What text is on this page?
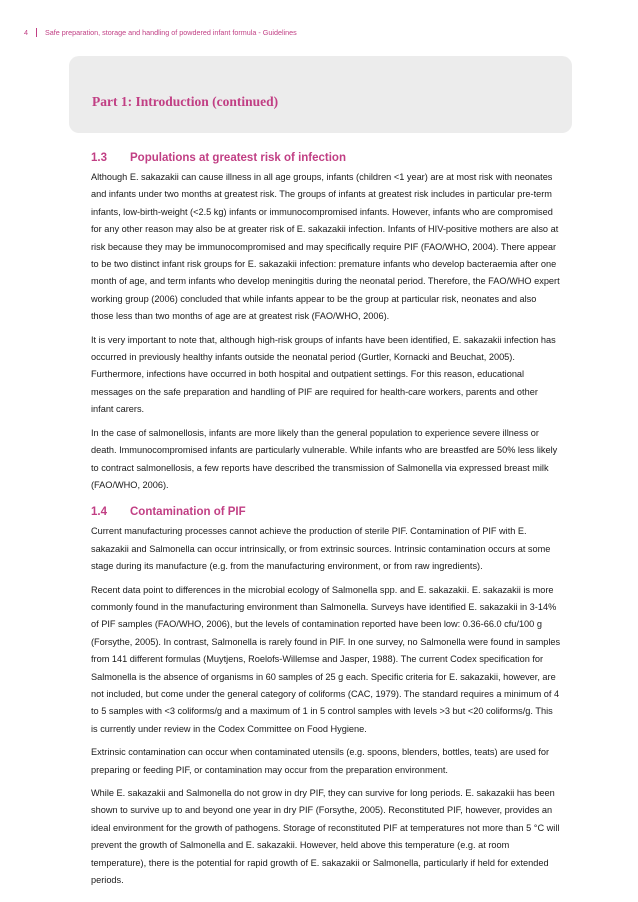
4	Safe preparation, storage and handling of powdered infant formula - Guidelines
Part 1: Introduction (continued)
1.3	Populations at greatest risk of infection

Although E. sakazakii can cause illness in all age groups, infants (children <1 year) are at most risk with neonates and infants under two months at greatest risk. The groups of infants at greatest risk includes in particular pre-term infants, low-birth-weight (<2.5 kg) infants or immunocompromised infants. However, infants who are compromised for any other reason may also be at greater risk of E. sakazakii infection. Infants of HIV-positive mothers are also at risk because they may be immunocompromised and may specifically require PIF (FAO/WHO, 2004). There appear to be two distinct infant risk groups for E. sakazakii infection: premature infants who develop bacteraemia after one month of age, and term infants who develop meningitis during the neonatal period. Therefore, the FAO/WHO expert working group (2006) concluded that while infants appear to be the group at particular risk, neonates and also those less than two months of age are at greatest risk (FAO/WHO, 2006).

It is very important to note that, although high-risk groups of infants have been identified, E. sakazakii infection has occurred in previously healthy infants outside the neonatal period (Gurtler, Kornacki and Beuchat, 2005). Furthermore, infections have occurred in both hospital and outpatient settings. For this reason, educational messages on the safe preparation and handling of PIF are required for health-care workers, parents and other infant carers.

In the case of salmonellosis, infants are more likely than the general population to experience severe illness or death. Immunocompromised infants are particularly vulnerable. While infants who are breastfed are 50% less likely to contract salmonellosis, a few reports have described the transmission of Salmonella via expressed breast milk (FAO/WHO, 2006).

1.4	Contamination of PIF

Current manufacturing processes cannot achieve the production of sterile PIF. Contamination of PIF with E. sakazakii and Salmonella can occur intrinsically, or from extrinsic sources. Intrinsic contamination occurs at some stage during its manufacture (e.g. from the manufacturing environment, or from raw ingredients).

Recent data point to differences in the microbial ecology of Salmonella spp. and E. sakazakii. E. sakazakii is more commonly found in the manufacturing environment than Salmonella. Surveys have identified E. sakazakii in 3-14% of PIF samples (FAO/WHO, 2006), but the levels of contamination reported have been low: 0.36-66.0 cfu/100 g (Forsythe, 2005). In contrast, Salmonella is rarely found in PIF. In one survey, no Salmonella were found in samples from 141 different formulas (Muytjens, Roelofs-Willemse and Jasper, 1988). The current Codex specification for Salmonella is the absence of organisms in 60 samples of 25 g each. Specific criteria for E. sakazakii, however, are not included, but come under the general category of coliforms (CAC, 1979). The standard requires a minimum of 4 to 5 samples with <3 coliforms/g and a maximum of 1 in 5 control samples with levels >3 but <20 coliforms/g. This is currently under review in the Codex Committee on Food Hygiene.

Extrinsic contamination can occur when contaminated utensils (e.g. spoons, blenders, bottles, teats) are used for preparing or feeding PIF, or contamination may occur from the preparation environment.

While E. sakazakii and Salmonella do not grow in dry PIF, they can survive for long periods. E. sakazakii has been shown to survive up to and beyond one year in dry PIF (Forsythe, 2005). Reconstituted PIF, however, provides an ideal environment for the growth of pathogens. Storage of reconstituted PIF at temperatures not more than 5 °C will prevent the growth of Salmonella and E. sakazakii. However, held above this temperature (e.g. at room temperature), there is the potential for rapid growth of E. sakazakii or Salmonella, particularly if held for extended periods.
